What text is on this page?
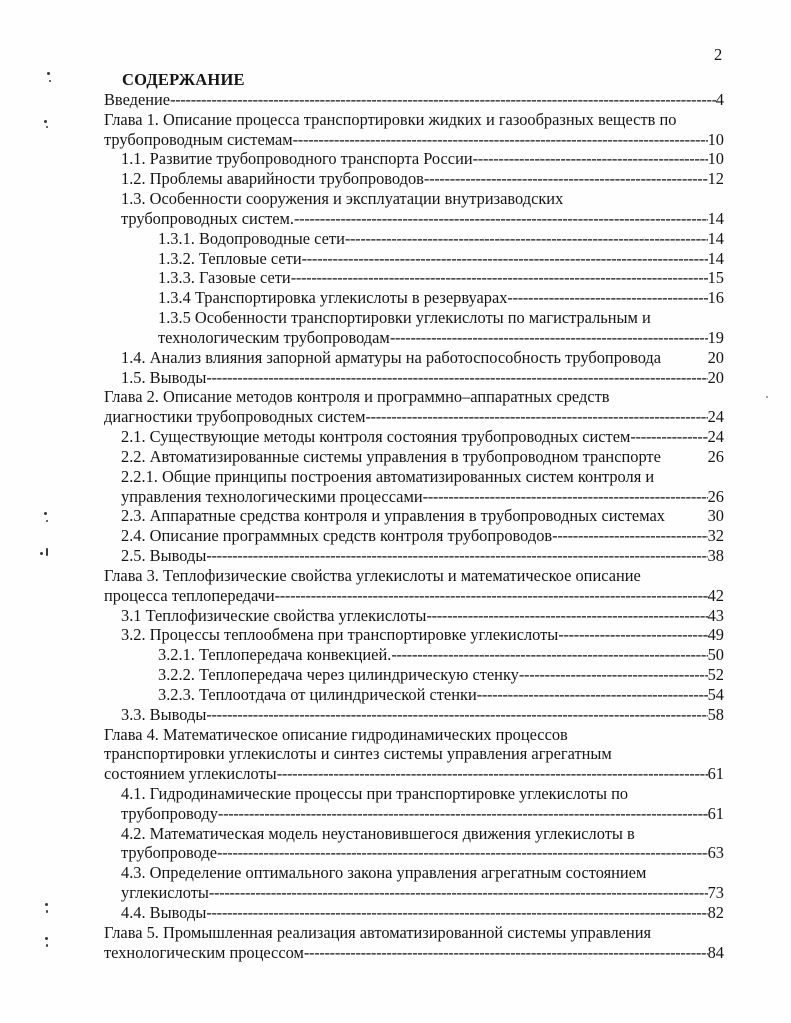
2
СОДЕРЖАНИЕ
Введение -----	4
Глава 1. Описание процесса транспортировки жидких и газообразных веществ по
трубопроводным системам -----	10
1.1. Развитие трубопроводного транспорта России -----	10
1.2. Проблемы аварийности трубопроводов -----	12
1.3. Особенности сооружения и эксплуатации внутризаводских
трубопроводных систем. -----	14
1.3.1. Водопроводные сети -----	14
1.3.2. Тепловые сети -----	14
1.3.3. Газовые сети -----	15
1.3.4 Транспортировка углекислоты в резервуарах -----	16
1.3.5 Особенности транспортировки углекислоты по магистральным и
технологическим трубопроводам -----	19
1.4. Анализ влияния запорной арматуры на работоспособность трубопровода	20
1.5. Выводы -----	20
Глава 2. Описание методов контроля и программно–аппаратных средств
диагностики трубопроводных систем -----	24
2.1. Существующие методы контроля состояния трубопроводных систем -----	24
2.2. Автоматизированные системы управления в трубопроводном транспорте	26
2.2.1. Общие принципы построения автоматизированных систем контроля и
управления технологическими процессами -----	26
2.3. Аппаратные средства контроля и управления в трубопроводных системах	30
2.4. Описание программных средств контроля трубопроводов -----	32
2.5. Выводы -----	38
Глава 3. Теплофизические свойства углекислоты и математическое описание
процесса теплопередачи -----	42
3.1 Теплофизические свойства углекислоты -----	43
3.2. Процессы теплообмена при транспортировке углекислоты -----	49
3.2.1. Теплопередача конвекцией. -----	50
3.2.2. Теплопередача через цилиндрическую стенку -----	52
3.2.3. Теплоотдача от цилиндрической стенки -----	54
3.3. Выводы -----	58
Глава 4. Математическое описание гидродинамических процессов
транспортировки углекислоты и синтез системы управления агрегатным
состоянием углекислоты -----	61
4.1. Гидродинамические процессы при транспортировке углекислоты по
трубопроводу -----	61
4.2. Математическая модель неустановившегося движения углекислоты в
трубопроводе -----	63
4.3. Определение оптимального закона управления агрегатным состоянием
углекислоты -----	73
4.4. Выводы -----	82
Глава 5. Промышленная реализация автоматизированной системы управления
технологическим процессом -----	84
